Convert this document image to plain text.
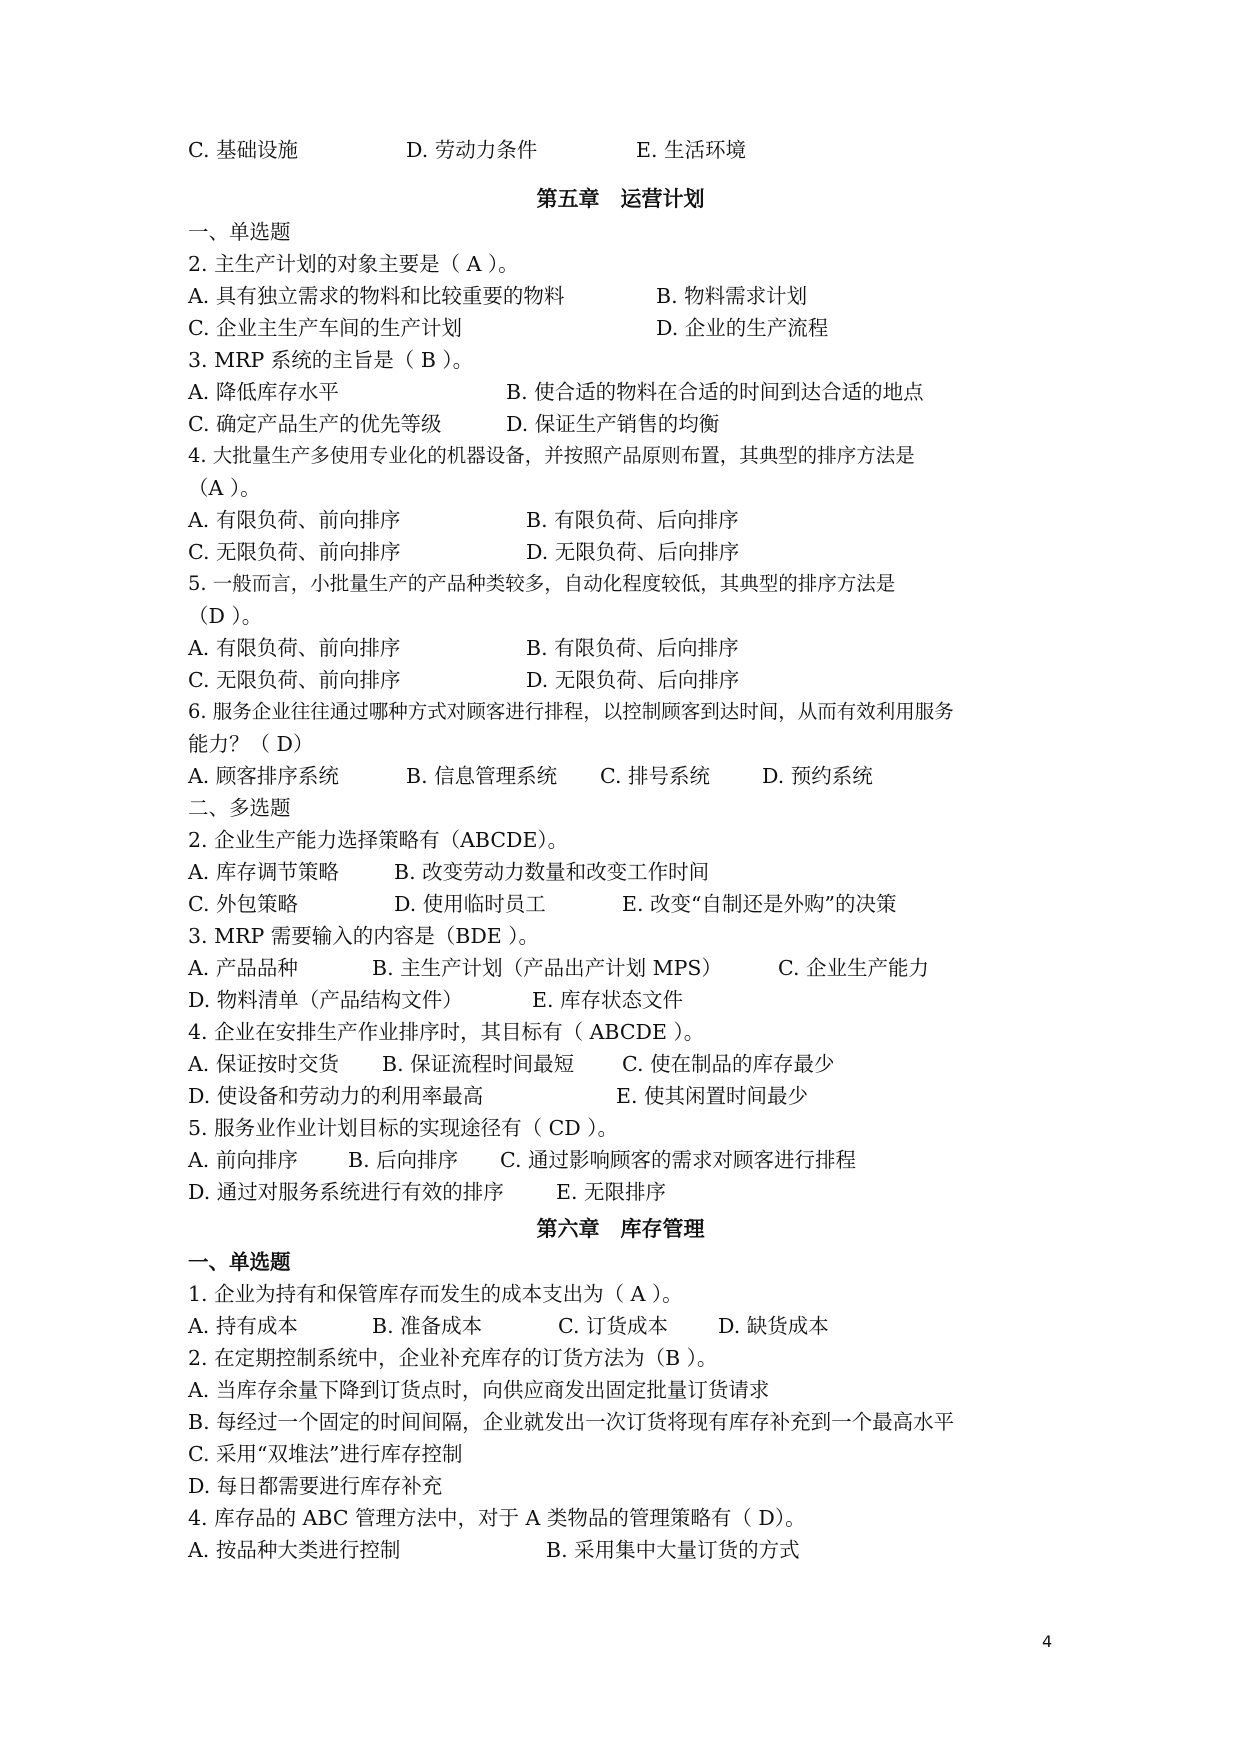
C. 基础设施	D. 劳动力条件	E. 生活环境
第五章　运营计划
一、单选题
2. 主生产计划的对象主要是（ A ）。
A. 具有独立需求的物料和比较重要的物料	B. 物料需求计划
C. 企业主生产车间的生产计划	D. 企业的生产流程
3. MRP 系统的主旨是（ B ）。
A. 降低库存水平	B. 使合适的物料在合适的时间到达合适的地点
C. 确定产品生产的优先等级	D. 保证生产销售的均衡
4. 大批量生产多使用专业化的机器设备，并按照产品原则布置，其典型的排序方法是
（A ）。
A. 有限负荷、前向排序	B. 有限负荷、后向排序
C. 无限负荷、前向排序	D. 无限负荷、后向排序
5. 一般而言，小批量生产的产品种类较多，自动化程度较低，其典型的排序方法是
（D ）。
A. 有限负荷、前向排序	B. 有限负荷、后向排序
C. 无限负荷、前向排序	D. 无限负荷、后向排序
6. 服务企业往往通过哪种方式对顾客进行排程，以控制顾客到达时间，从而有效利用服务
能力？（ D）
A. 顾客排序系统	B. 信息管理系统 C. 排号系统	D. 预约系统
二、多选题
2. 企业生产能力选择策略有（ABCDE）。
A. 库存调节策略	B. 改变劳动力数量和改变工作时间
C. 外包策略	D. 使用临时员工	E. 改变“自制还是外购”的决策
3. MRP 需要输入的内容是（BDE ）。
A. 产品品种	B. 主生产计划（产品出产计划 MPS）	C. 企业生产能力
D. 物料清单（产品结构文件）	E. 库存状态文件
4. 企业在安排生产作业排序时，其目标有（ ABCDE ）。
A. 保证按时交货 B. 保证流程时间最短 C. 使在制品的库存最少
D. 使设备和劳动力的利用率最高	E. 使其闲置时间最少
5. 服务业作业计划目标的实现途径有（ CD ）。
A. 前向排序 B. 后向排序 C. 通过影响顾客的需求对顾客进行排程
D. 通过对服务系统进行有效的排序	E. 无限排序
第六章　库存管理
一、单选题
1. 企业为持有和保管库存而发生的成本支出为（ A ）。
A. 持有成本	B. 准备成本	C. 订货成本 D. 缺货成本
2. 在定期控制系统中，企业补充库存的订货方法为（B ）。
A. 当库存余量下降到订货点时，向供应商发出固定批量订货请求
B. 每经过一个固定的时间间隔，企业就发出一次订货将现有库存补充到一个最高水平
C. 采用“双堆法”进行库存控制
D. 每日都需要进行库存补充
4. 库存品的 ABC 管理方法中，对于 A 类物品的管理策略有（ D）。
A. 按品种大类进行控制	B. 采用集中大量订货的方式
4
